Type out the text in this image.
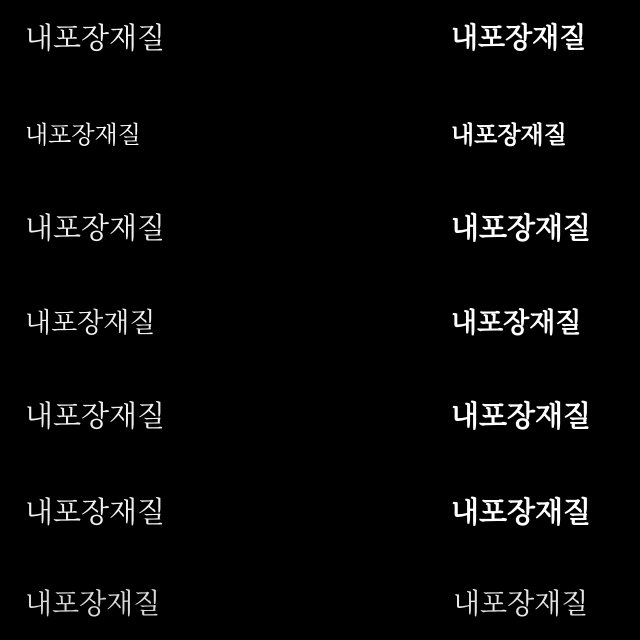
내포장재질	내포장재질
내포장재질	내포장재질
내포장재질	내포장재질
내포장재질	내포장재질
내포장재질	내포장재질
내포장재질	내포장재질
내포장재질	내포장재질
